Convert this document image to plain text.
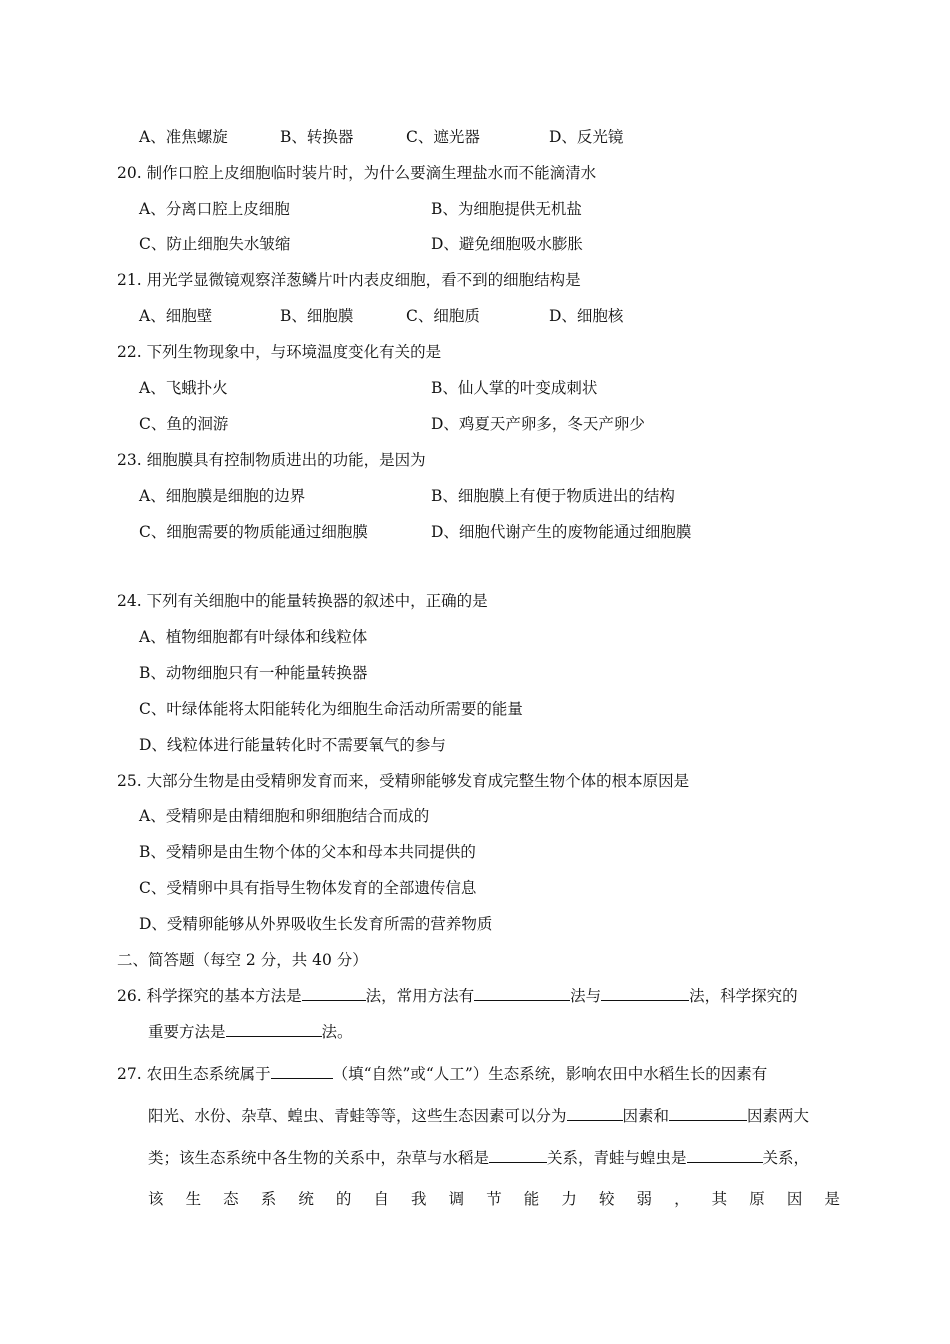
A、准焦螺旋	B、转换器	C、遮光器	D、反光镜
20. 制作口腔上皮细胞临时装片时，为什么要滴生理盐水而不能滴清水
A、分离口腔上皮细胞	B、为细胞提供无机盐
C、防止细胞失水皱缩	D、避免细胞吸水膨胀
21. 用光学显微镜观察洋葱鳞片叶内表皮细胞，看不到的细胞结构是
A、细胞壁	B、细胞膜	C、细胞质	D、细胞核
22. 下列生物现象中，与环境温度变化有关的是
A、飞蛾扑火	B、仙人掌的叶变成刺状
C、鱼的洄游	D、鸡夏天产卵多，冬天产卵少
23. 细胞膜具有控制物质进出的功能，是因为
A、细胞膜是细胞的边界	B、细胞膜上有便于物质进出的结构
C、细胞需要的物质能通过细胞膜	D、细胞代谢产生的废物能通过细胞膜
24. 下列有关细胞中的能量转换器的叙述中，正确的是
A、植物细胞都有叶绿体和线粒体
B、动物细胞只有一种能量转换器
C、叶绿体能将太阳能转化为细胞生命活动所需要的能量
D、线粒体进行能量转化时不需要氧气的参与
25. 大部分生物是由受精卵发育而来，受精卵能够发育成完整生物个体的根本原因是
A、受精卵是由精细胞和卵细胞结合而成的
B、受精卵是由生物个体的父本和母本共同提供的
C、受精卵中具有指导生物体发育的全部遗传信息
D、受精卵能够从外界吸收生长发育所需的营养物质
二、简答题（每空 2 分，共 40 分）
26. 科学探究的基本方法是	法，常用方法有	法与	法，科学探究的
重要方法是	法。
27. 农田生态系统属于	（填“自然”或“人工”）生态系统，影响农田中水稻生长的因素有
阳光、水份、杂草、蝗虫、青蛙等等，这些生态因素可以分为	因素和	因素两大
类；该生态系统中各生物的关系中，杂草与水稻是	关系，青蛙与蝗虫是	关系，
该 生 态 系 统 的 自 我 调 节 能 力 较 弱 ， 其 原 因 是
